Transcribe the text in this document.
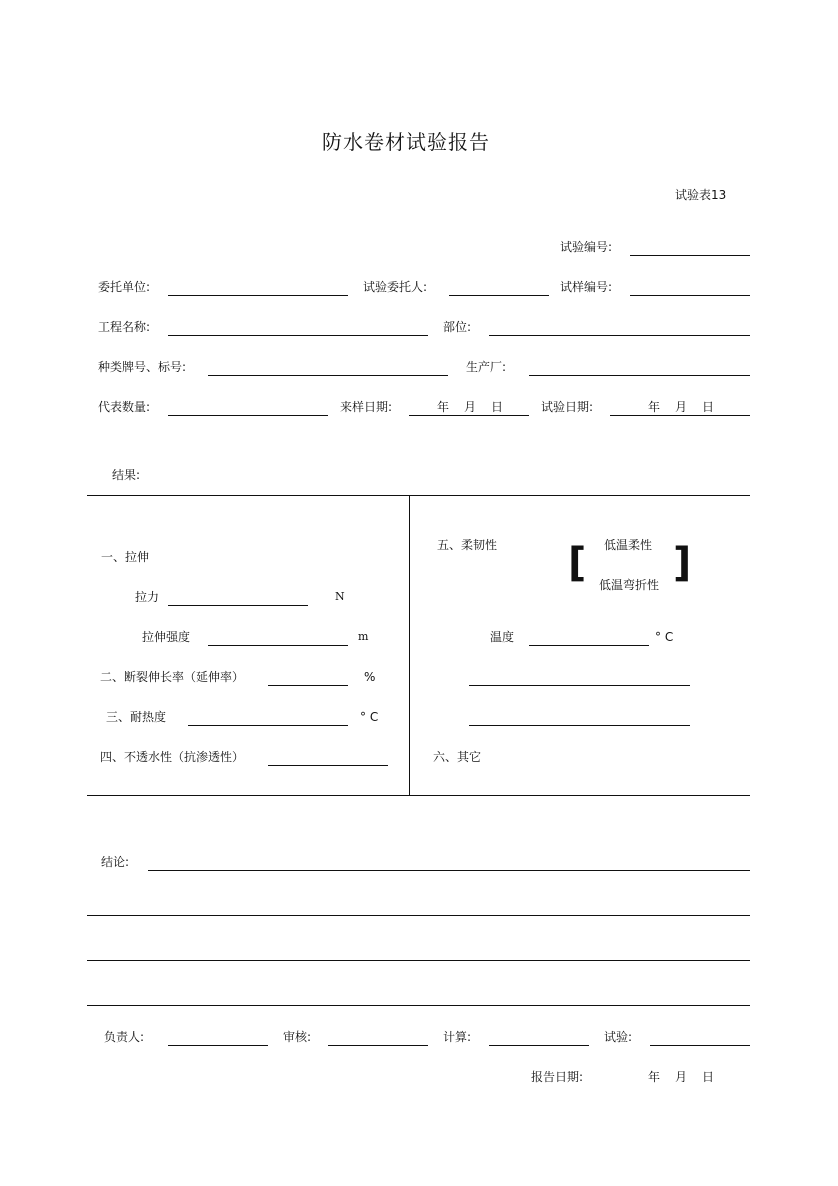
防水卷材试验报告
试验表13
试验编号:
委托单位:	试验委托人:	试样编号:
工程名称:	部位:
种类牌号、标号:	生产厂:
代表数量:	来样日期:	年 月 日	试验日期:	年 月 日
结果:
一、拉伸
拉力	N
拉伸强度	m
二、断裂伸长率（延伸率）	%
三、耐热度	° C
四、不透水性（抗渗透性）
五、柔韧性 [ 低温柔性
低温弯折性 ]
温度	° C
六、其它
结论:
负责人:	审核:	计算:	试验:
报告日期:	年 月 日
